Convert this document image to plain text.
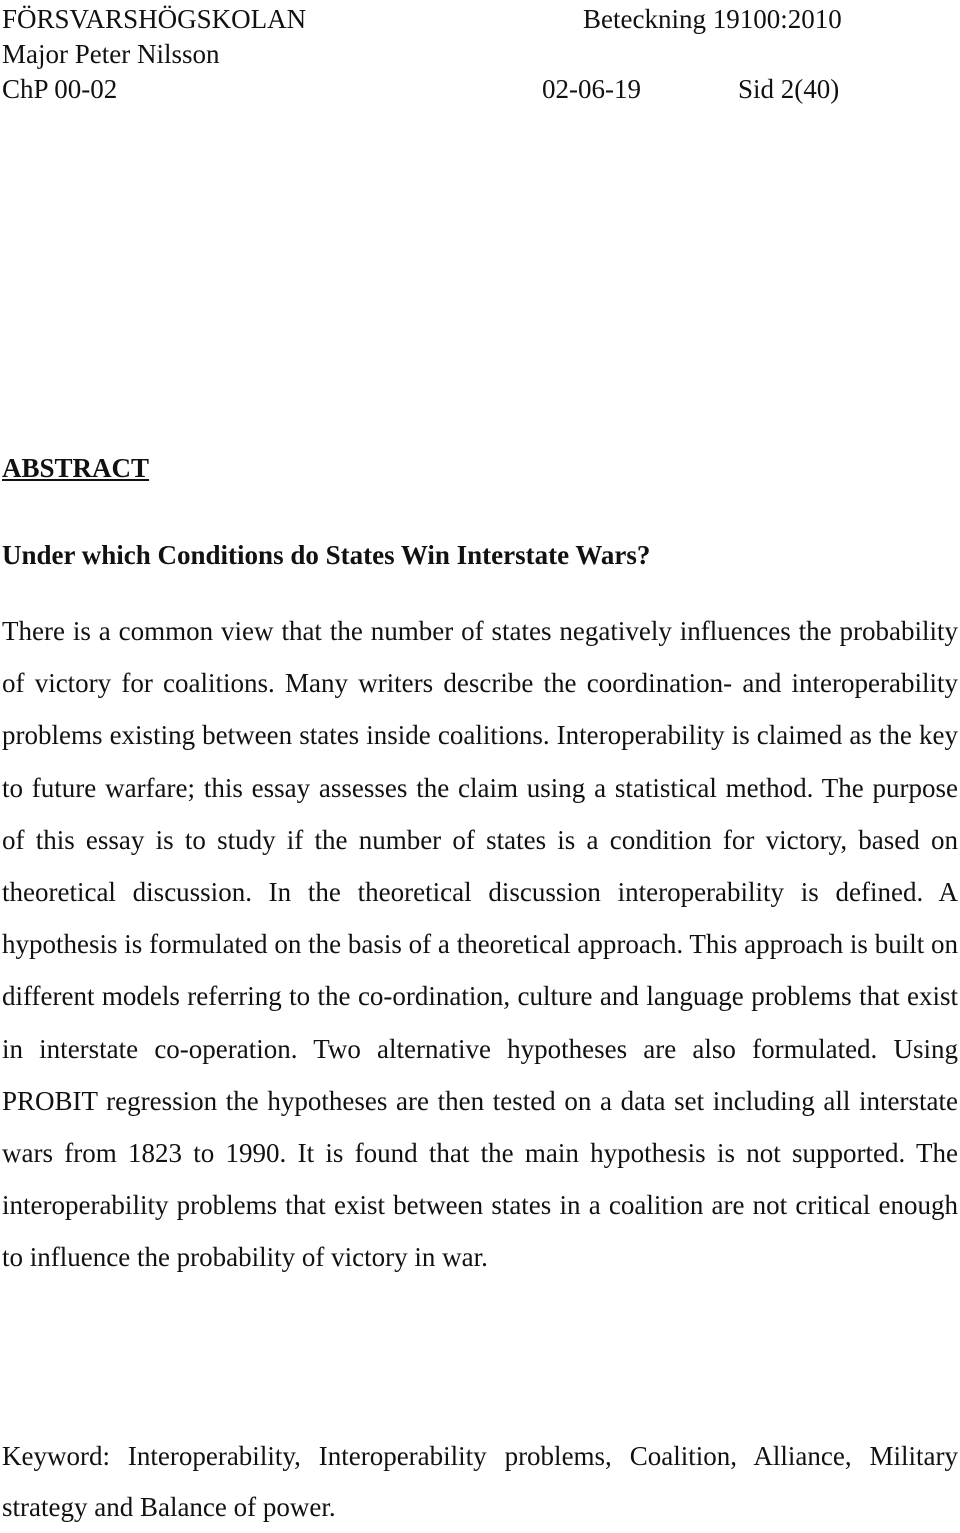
FÖRSVARSHÖGSKOLAN	Beteckning 19100:2010
Major Peter Nilsson
ChP 00-02	02-06-19	Sid 2(40)
ABSTRACT
Under which Conditions do States Win Interstate Wars?

There is a common view that the number of states negatively influences the probability of victory for coalitions. Many writers describe the coordination- and interoperability problems existing between states inside coalitions. Interoperability is claimed as the key to future warfare; this essay assesses the claim using a statistical method. The purpose of this essay is to study if the number of states is a condition for victory, based on theoretical discussion. In the theoretical discussion interoperability is defined. A hypothesis is formulated on the basis of a theoretical approach. This approach is built on different models referring to the co-ordination, culture and language problems that exist in interstate co-operation. Two alternative hypotheses are also formulated. Using PROBIT regression the hypotheses are then tested on a data set including all interstate wars from 1823 to 1990. It is found that the main hypothesis is not supported. The interoperability problems that exist between states in a coalition are not critical enough to influence the probability of victory in war.

Keyword: Interoperability, Interoperability problems, Coalition, Alliance, Military strategy and Balance of power.
